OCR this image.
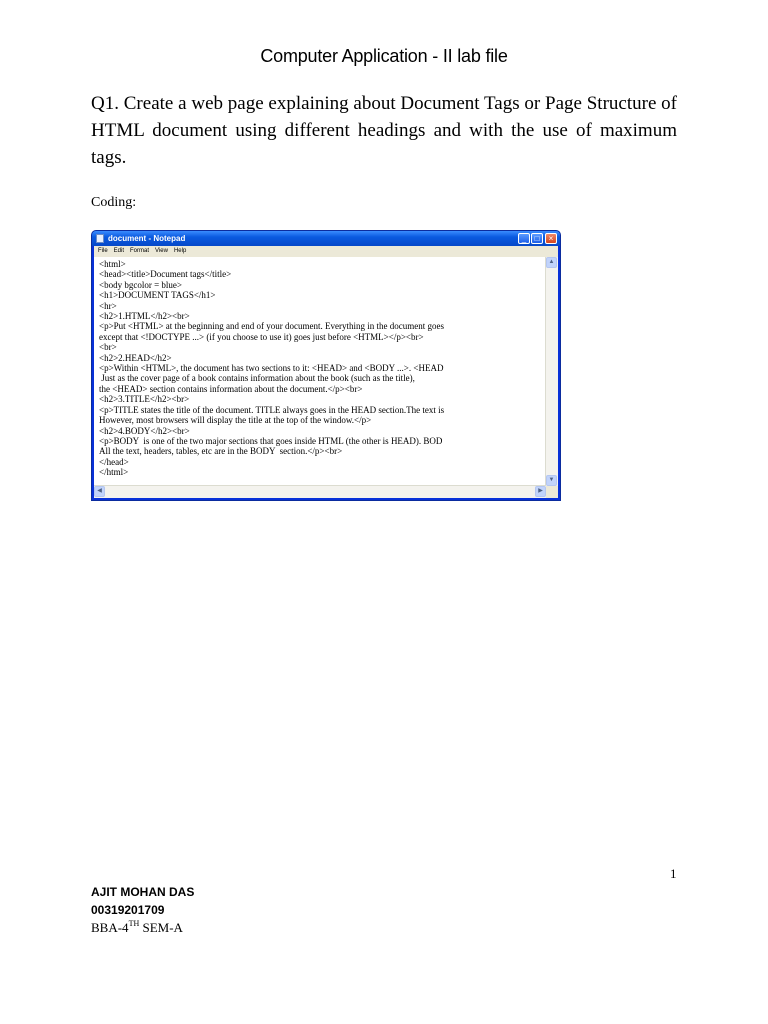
Computer Application - II lab file
Q1. Create a web page explaining about Document Tags or Page Structure of HTML document using different headings and with the use of maximum tags.
Coding:
document - Notepad	_	□	×
File Edit Format View Help
<html>
<head><title>Document tags</title>
<body bgcolor = blue>
<h1>DOCUMENT TAGS</h1>
<hr>
<h2>1.HTML</h2><br>
<p>Put <HTML> at the beginning and end of your document. Everything in the document goes
except that <!DOCTYPE ...> (if you choose to use it) goes just before <HTML></p><br>
<br>
<h2>2.HEAD</h2>
<p>Within <HTML>, the document has two sections to it: <HEAD> and <BODY ...>. <HEAD
Just as the cover page of a book contains information about the book (such as the title),
the <HEAD> section contains information about the document.</p><br>
<h2>3.TITLE</h2><br>
<p>TITLE states the title of the document. TITLE always goes in the HEAD section.The text is
However, most browsers will display the title at the top of the window.</p>
<h2>4.BODY</h2><br>
<p>BODY  is one of the two major sections that goes inside HTML (the other is HEAD). BOD
All the text, headers, tables, etc are in the BODY  section.</p><br>
</head>
</html>
▲
▼
◀	▶
1
AJIT MOHAN DAS
00319201709
BBA-4TH SEM-A
